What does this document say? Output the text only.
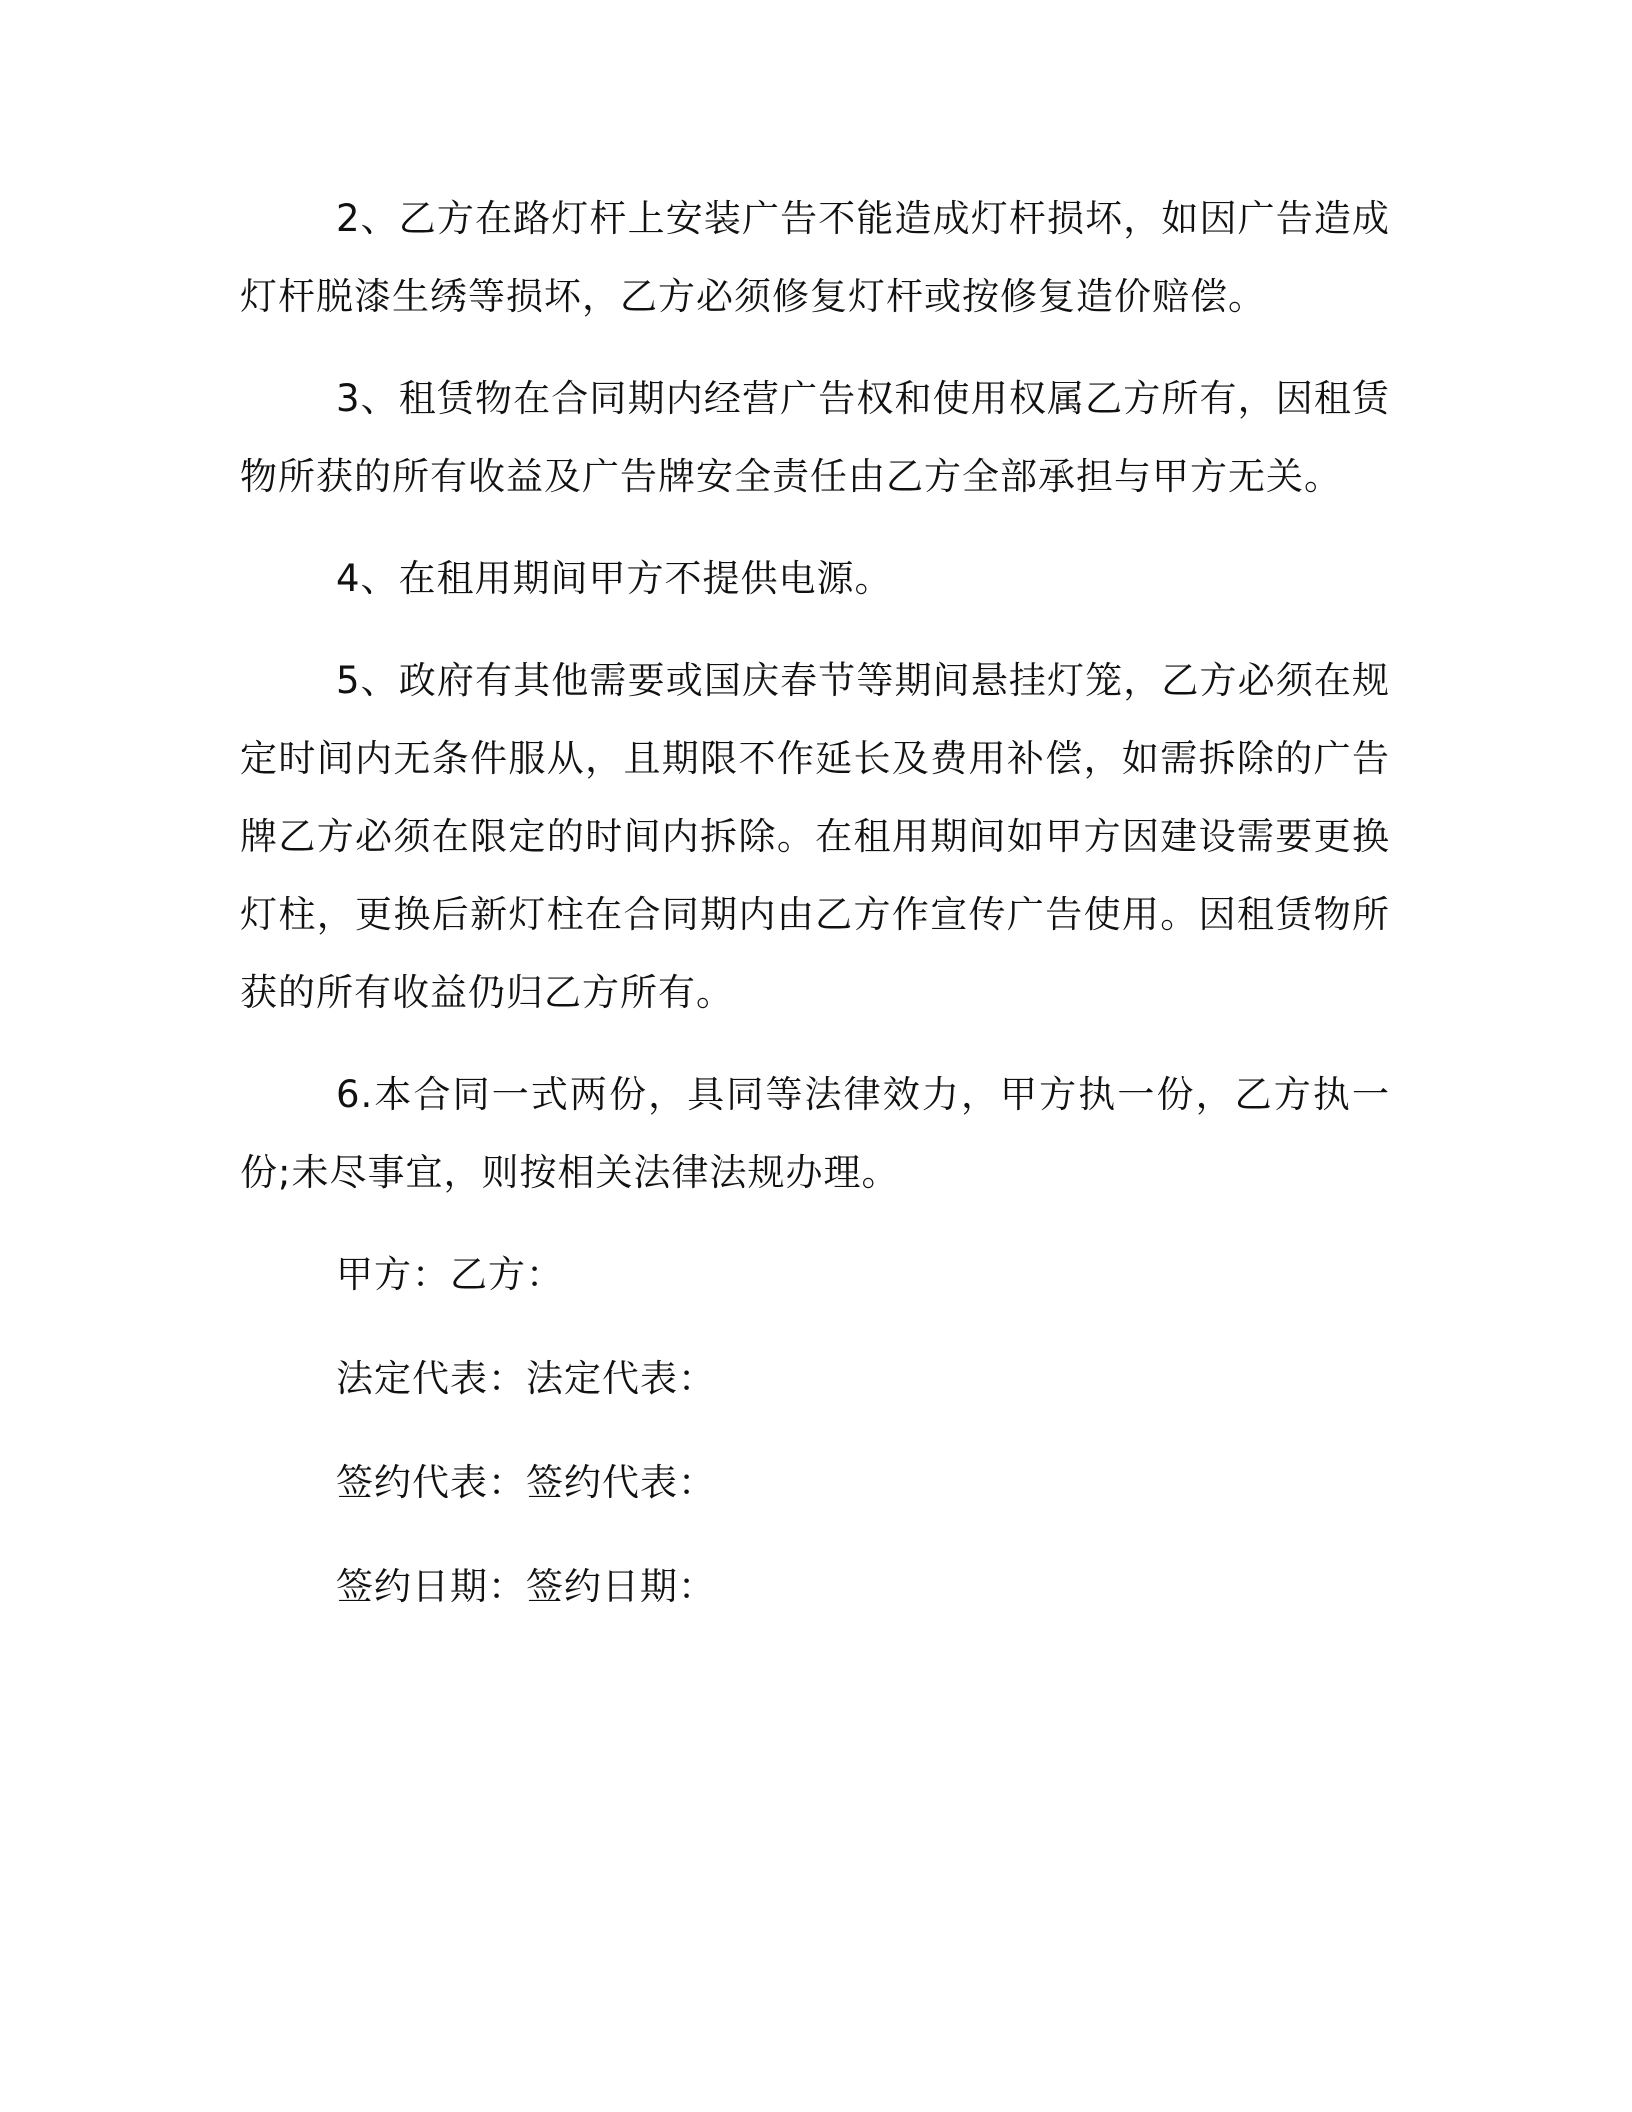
2、乙方在路灯杆上安装广告不能造成灯杆损坏，如因广告造成灯杆脱漆生绣等损坏，乙方必须修复灯杆或按修复造价赔偿。

3、租赁物在合同期内经营广告权和使用权属乙方所有，因租赁物所获的所有收益及广告牌安全责任由乙方全部承担与甲方无关。

4、在租用期间甲方不提供电源。

5、政府有其他需要或国庆春节等期间悬挂灯笼，乙方必须在规定时间内无条件服从，且期限不作延长及费用补偿，如需拆除的广告牌乙方必须在限定的时间内拆除。在租用期间如甲方因建设需要更换灯柱，更换后新灯柱在合同期内由乙方作宣传广告使用。因租赁物所获的所有收益仍归乙方所有。

6.本合同一式两份，具同等法律效力，甲方执一份，乙方执一份;未尽事宜，则按相关法律法规办理。

甲方：乙方：

法定代表：法定代表：

签约代表：签约代表：

签约日期：签约日期：
